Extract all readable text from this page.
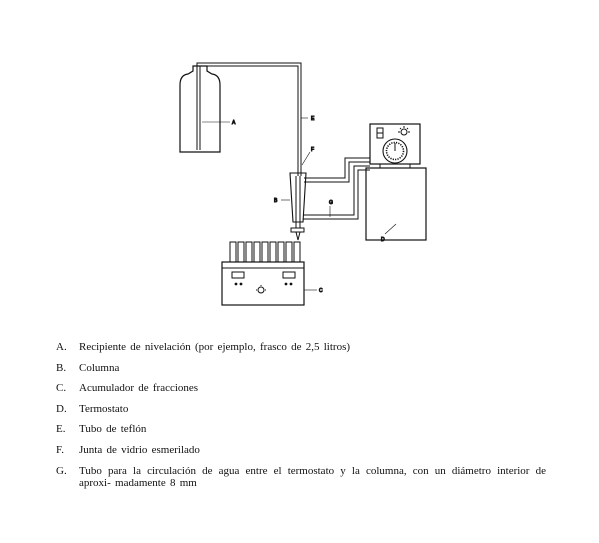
A
E
F
B	G
D
C
A.	Recipiente de nivelación (por ejemplo, frasco de 2,5 litros)
B.	Columna
C.	Acumulador de fracciones
D.	Termostato
E.	Tubo de teflón
F.	Junta de vidrio esmerilado
G.	Tubo para la circulación de agua entre el termostato y la columna, con un diámetro interior de aproxi- madamente 8 mm
